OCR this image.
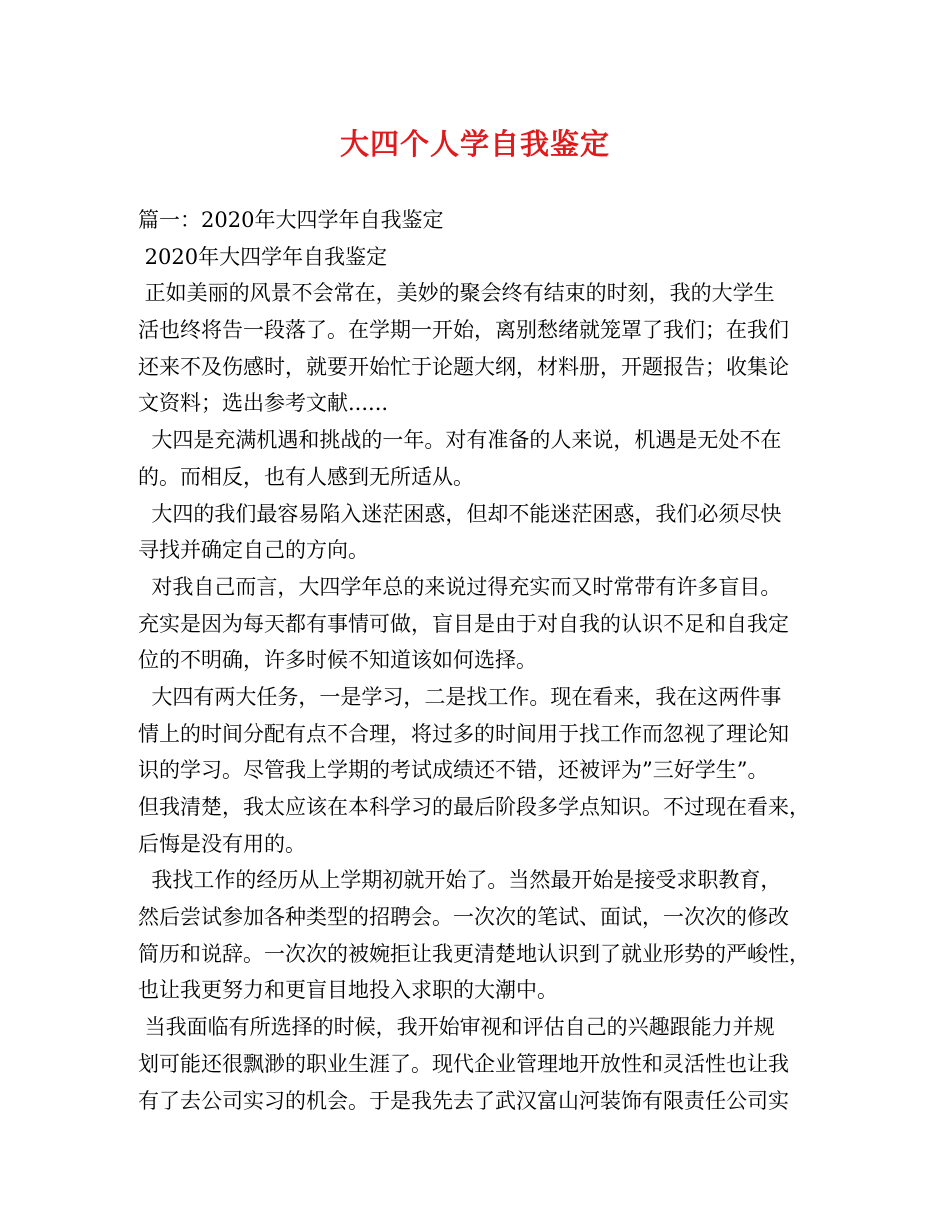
大四个人学自我鉴定
篇一：2020年大四学年自我鉴定
2020年大四学年自我鉴定
正如美丽的风景不会常在，美妙的聚会终有结束的时刻，我的大学生
活也终将告一段落了。在学期一开始，离别愁绪就笼罩了我们；在我们
还来不及伤感时，就要开始忙于论题大纲，材料册，开题报告；收集论
文资料；选出参考文献......
大四是充满机遇和挑战的一年。对有准备的人来说，机遇是无处不在
的。而相反，也有人感到无所适从。
大四的我们最容易陷入迷茫困惑，但却不能迷茫困惑，我们必须尽快
寻找并确定自己的方向。
对我自己而言，大四学年总的来说过得充实而又时常带有许多盲目。
充实是因为每天都有事情可做，盲目是由于对自我的认识不足和自我定
位的不明确，许多时候不知道该如何选择。
大四有两大任务，一是学习，二是找工作。现在看来，我在这两件事
情上的时间分配有点不合理，将过多的时间用于找工作而忽视了理论知
识的学习。尽管我上学期的考试成绩还不错，还被评为”三好学生”。
但我清楚，我太应该在本科学习的最后阶段多学点知识。不过现在看来，
后悔是没有用的。
我找工作的经历从上学期初就开始了。当然最开始是接受求职教育，
然后尝试参加各种类型的招聘会。一次次的笔试、面试，一次次的修改
简历和说辞。一次次的被婉拒让我更清楚地认识到了就业形势的严峻性，
也让我更努力和更盲目地投入求职的大潮中。
当我面临有所选择的时候，我开始审视和评估自己的兴趣跟能力并规
划可能还很飘渺的职业生涯了。现代企业管理地开放性和灵活性也让我
有了去公司实习的机会。于是我先去了武汉富山河装饰有限责任公司实
